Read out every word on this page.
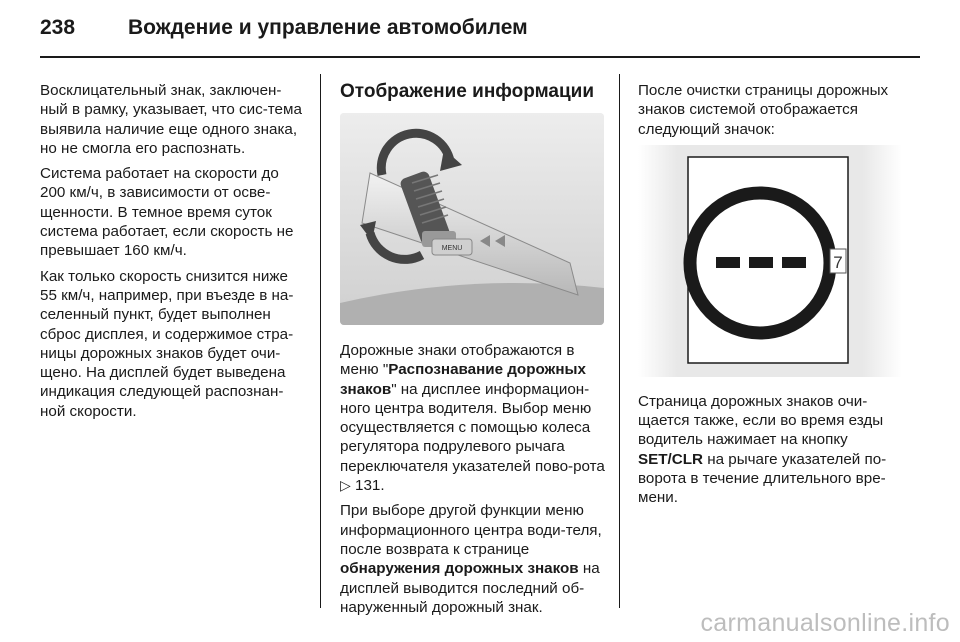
238	Вождение и управление автомобилем

Восклицательный знак, заключен-ный в рамку, указывает, что сис-тема выявила наличие еще одного знака, но не смогла его распознать.

Система работает на скорости до 200 км/ч, в зависимости от осве-щенности. В темное время суток система работает, если скорость не превышает 160 км/ч.

Как только скорость снизится ниже 55 км/ч, например, при въезде в на-селенный пункт, будет выполнен сброс дисплея, и содержимое стра-ницы дорожных знаков будет очи-щено. На дисплей будет выведена индикация следующей распознан-ной скорости.

Отображение информации
MENU

Дорожные знаки отображаются в меню "Распознавание дорожных знаков" на дисплее информацион-ного центра водителя. Выбор меню осуществляется с помощью колеса регулятора подрулевого рычага переключателя указателей пово-рота ▷ 131.

При выборе другой функции меню информационного центра води-теля, после возврата к странице обнаружения дорожных знаков на дисплей выводится последний об-наруженный дорожный знак.

После очистки страницы дорожных знаков системой отображается следующий значок:

7

Страница дорожных знаков очи-щается также, если во время езды водитель нажимает на кнопку SET/CLR на рычаге указателей по-ворота в течение длительного вре-мени.

carmanualsonline.info
